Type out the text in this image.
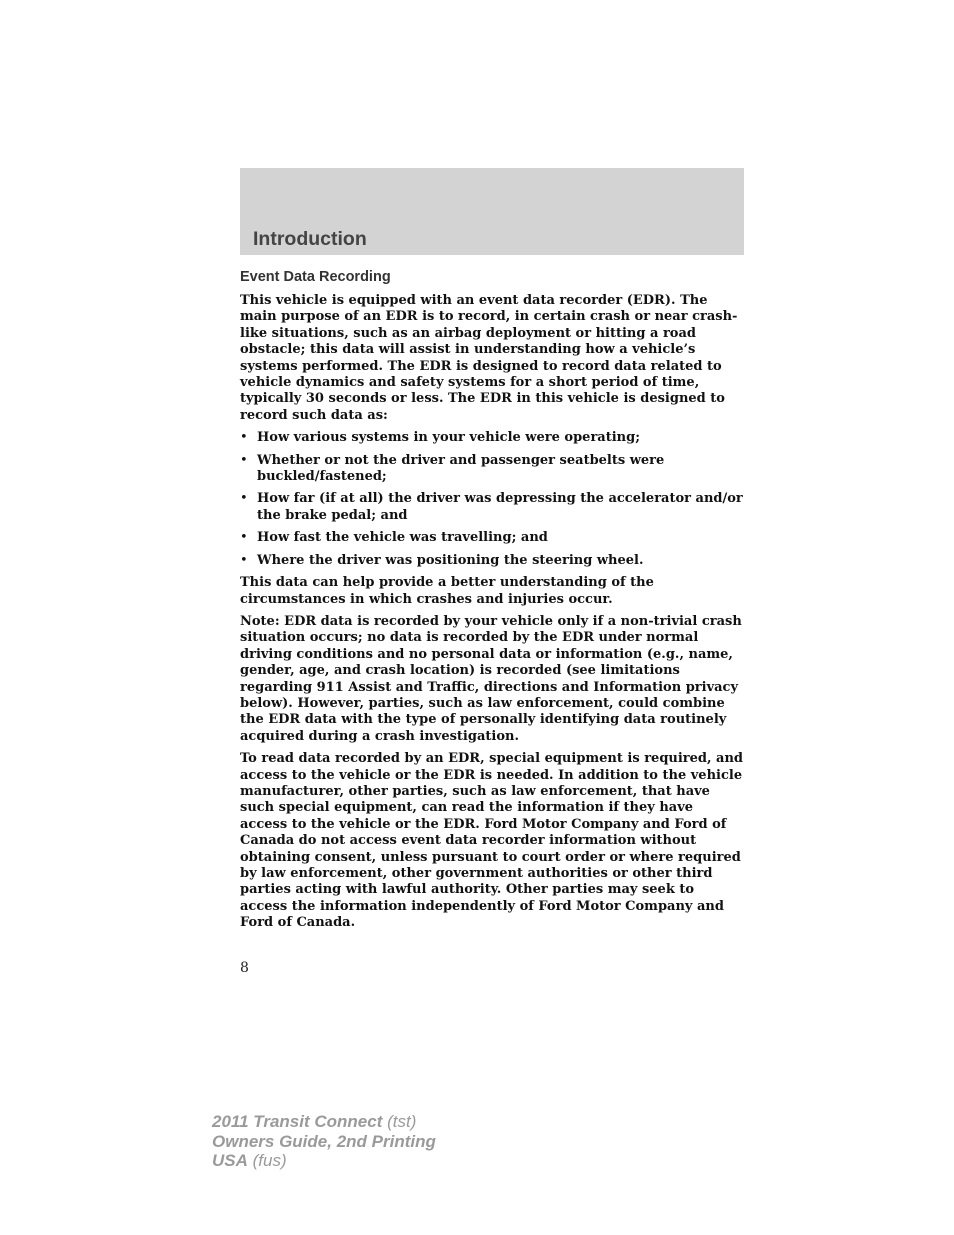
Introduction
Event Data Recording

This vehicle is equipped with an event data recorder (EDR). The main purpose of an EDR is to record, in certain crash or near crash-like situations, such as an airbag deployment or hitting a road obstacle; this data will assist in understanding how a vehicle’s systems performed. The EDR is designed to record data related to vehicle dynamics and safety systems for a short period of time, typically 30 seconds or less. The EDR in this vehicle is designed to record such data as:

• How various systems in your vehicle were operating;
• Whether or not the driver and passenger seatbelts were buckled/fastened;
• How far (if at all) the driver was depressing the accelerator and/or the brake pedal; and
• How fast the vehicle was travelling; and
• Where the driver was positioning the steering wheel.

This data can help provide a better understanding of the circumstances in which crashes and injuries occur.

Note: EDR data is recorded by your vehicle only if a non-trivial crash situation occurs; no data is recorded by the EDR under normal driving conditions and no personal data or information (e.g., name, gender, age, and crash location) is recorded (see limitations regarding 911 Assist and Traffic, directions and Information privacy below). However, parties, such as law enforcement, could combine the EDR data with the type of personally identifying data routinely acquired during a crash investigation.

To read data recorded by an EDR, special equipment is required, and access to the vehicle or the EDR is needed. In addition to the vehicle manufacturer, other parties, such as law enforcement, that have such special equipment, can read the information if they have access to the vehicle or the EDR. Ford Motor Company and Ford of Canada do not access event data recorder information without obtaining consent, unless pursuant to court order or where required by law enforcement, other government authorities or other third parties acting with lawful authority. Other parties may seek to access the information independently of Ford Motor Company and Ford of Canada.

8
2011 Transit Connect (tst)
Owners Guide, 2nd Printing
USA (fus)
